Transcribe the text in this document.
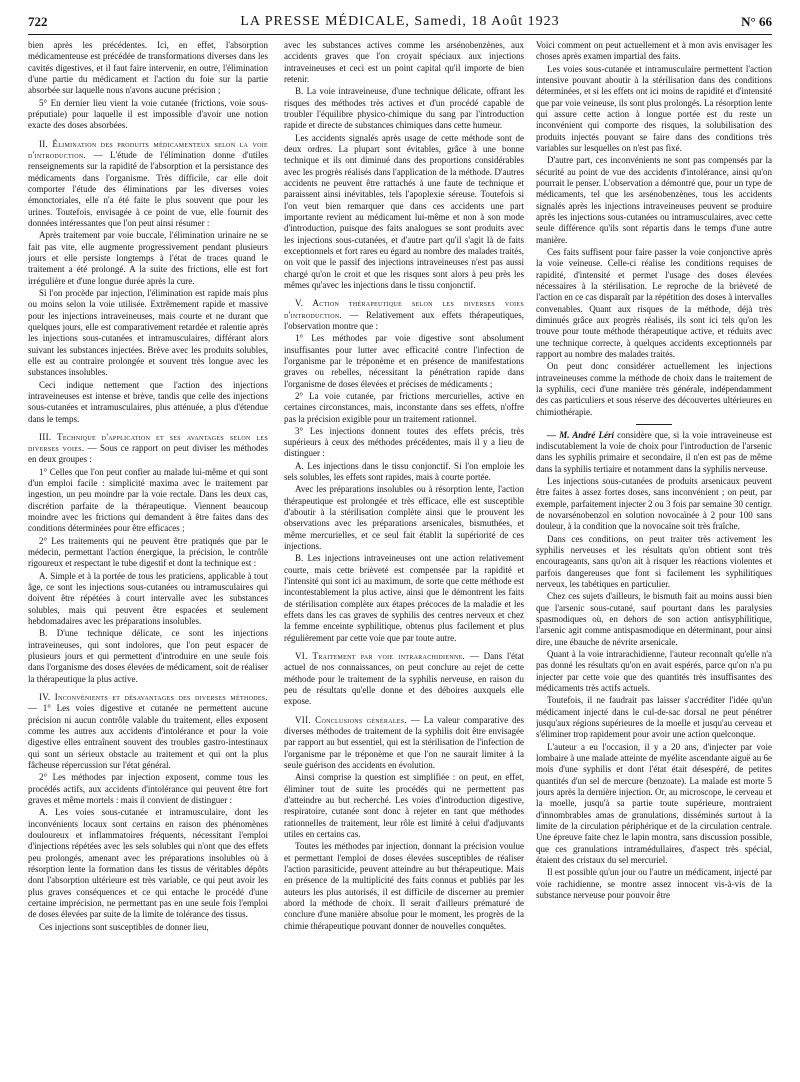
722	LA PRESSE MÉDICALE, Samedi, 18 Août 1923	N° 66

bien après les précédentes. Ici, en effet, l'absorption médicamenteuse est précédée de transformations diverses dans les cavités digestives, et il faut faire intervenir, en outre, l'élimination d'une partie du médicament et l'action du foie sur la partie absorbée sur laquelle nous n'avons aucune précision ;

5° En dernier lieu vient la voie cutanée (frictions, voie sous-préputiale) pour laquelle il est impossible d'avoir une notion exacte des doses absorbées.

II. Élimination des produits médicamenteux selon la voie d'introduction. — L'étude de l'élimination donne d'utiles renseignements sur la rapidité de l'absorption et la persistance des médicaments dans l'organisme. Très difficile, car elle doit comporter l'étude des éliminations par les diverses voies émonctoriales, elle n'a été faite le plus souvent que pour les urines. Toutefois, envisagée à ce point de vue, elle fournit des données intéressantes que l'on peut ainsi résumer :

Après traitement par voie buccale, l'élimination urinaire ne se fait pas vite, elle augmente progressivement pendant plusieurs jours et elle persiste longtemps à l'état de traces quand le traitement a été prolongé. A la suite des frictions, elle est fort irrégulière et d'une longue durée après la cure.

Si l'on procède par injection, l'élimination est rapide mais plus ou moins selon la voie utilisée. Extrêmement rapide et massive pour les injections intraveineuses, mais courte et ne durant que quelques jours, elle est comparativement retardée et ralentie après les injections sous-cutanées et intramusculaires, différant alors suivant les substances injectées. Brève avec les produits solubles, elle est au contraire prolongée et souvent très longue avec les substances insolubles.

Ceci indique nettement que l'action des injections intraveineuses est intense et brève, tandis que celle des injections sous-cutanées et intramusculaires, plus atténuée, a plus d'étendue dans le temps.

III. Technique d'application et ses avantages selon les diverses voies. — Sous ce rapport on peut diviser les méthodes en deux groupes :

1° Celles que l'on peut confier au malade lui-même et qui sont d'un emploi facile : simplicité maxima avec le traitement par ingestion, un peu moindre par la voie rectale. Dans les deux cas, discrétion parfaite de la thérapeutique. Viennent beaucoup moindre avec les frictions qui demandent à être faites dans des conditions déterminées pour être efficaces ;

2° Les traitements qui ne peuvent être pratiqués que par le médecin, permettant l'action énergique, la précision, le contrôle rigoureux et respectant le tube digestif et dont la technique est :

A. Simple et à la portée de tous les praticiens, applicable à tout âge, ce sont les injections sous-cutanées ou intramusculaires qui doivent être répétées à court intervalle avec les substances solubles, mais qui peuvent être espacées et seulement hebdomadaires avec les préparations insolubles.

B. D'une technique délicate, ce sont les injections intraveineuses, qui sont indolores, que l'on peut espacer de plusieurs jours et qui permettent d'introduire en une seule fois dans l'organisme des doses élevées de médicament, soit de réaliser la thérapeutique la plus active.

IV. Inconvénients et désavantages des diverses méthodes. — 1° Les voies digestive et cutanée ne permettent aucune précision ni aucun contrôle valable du traitement, elles exposent comme les autres aux accidents d'intolérance et pour la voie digestive elles entraînent souvent des troubles gastro-intestinaux qui sont un sérieux obstacle au traitement et qui ont la plus fâcheuse répercussion sur l'état général.

2° Les méthodes par injection exposent, comme tous les procédés actifs, aux accidents d'intolérance qui peuvent être fort graves et même mortels : mais il convient de distinguer :

A. Les voies sous-cutanée et intramusculaire, dont les inconvénients locaux sont certains en raison des phénomènes douloureux et inflammatoires fréquents, nécessitant l'emploi d'injections répétées avec les sels solubles qui n'ont que des effets peu prolongés, amenant avec les préparations insolubles où à résorption lente la formation dans les tissus de véritables dépôts dont l'absorption ultérieure est très variable, ce qui peut avoir les plus graves conséquences et ce qui entache le procédé d'une certaine imprécision, ne permettant pas en une seule fois l'emploi de doses élevées par suite de la limite de tolérance des tissus.

Ces injections sont susceptibles de donner lieu,

avec les substances actives comme les arsénobenzènes, aux accidents graves que l'on croyait spéciaux aux injections intraveineuses et ceci est un point capital qu'il importe de bien retenir.

B. La voie intraveineuse, d'une technique délicate, offrant les risques des méthodes très actives et d'un procédé capable de troubler l'équilibre physico-chimique du sang par l'introduction rapide et directe de substances chimiques dans cette humeur.

Les accidents signalés après usage de cette méthode sont de deux ordres. La plupart sont évitables, grâce à une bonne technique et ils ont diminué dans des proportions considérables avec les progrès réalisés dans l'application de la méthode. D'autres accidents ne peuvent être rattachés à une faute de technique et paraissent ainsi inévitables, tels l'apoplexie séreuse. Toutefois si l'on veut bien remarquer que dans ces accidents une part importante revient au médicament lui-même et non à son mode d'introduction, puisque des faits analogues se sont produits avec les injections sous-cutanées, et d'autre part qu'il s'agit là de faits exceptionnels et fort rares eu égard au nombre des malades traités, on voit que le passif des injections intraveineuses n'est pas aussi chargé qu'on le croit et que les risques sont alors à peu près les mêmes qu'avec les injections dans le tissu conjonctif.

V. Action thérapeutique selon les diverses voies d'introduction. — Relativement aux effets thérapeutiques, l'observation montre que :

1° Les méthodes par voie digestive sont absolument insuffisantes pour lutter avec efficacité contre l'infection de l'organisme par le tréponème et en présence de manifestations graves ou rebelles, nécessitant la pénétration rapide dans l'organisme de doses élevées et précises de médicaments ;

2° La voie cutanée, par frictions mercurielles, active en certaines circonstances, mais, inconstante dans ses effets, n'offre pas la précision exigible pour un traitement rationnel.

3° Les injections donnent toutes des effets précis, très supérieurs à ceux des méthodes précédentes, mais il y a lieu de distinguer :

A. Les injections dans le tissu conjonctif. Si l'on emploie les sels solubles, les effets sont rapides, mais à courte portée.

Avec les préparations insolubles ou à résorption lente, l'action thérapeutique est prolongée et très efficace, elle est susceptible d'aboutir à la stérilisation complète ainsi que le prouvent les observations avec les préparations arsenicales, bismuthées, et même mercurielles, et ce seul fait établit la supériorité de ces injections.

B. Les injections intraveineuses ont une action relativement courte, mais cette brièveté est compensée par la rapidité et l'intensité qui sont ici au maximum, de sorte que cette méthode est incontestablement la plus active, ainsi que le démontrent les faits de stérilisation complète aux étapes précoces de la maladie et les effets dans les cas graves de syphilis des centres nerveux et chez la femme enceinte syphilitique, obtenus plus facilement et plus régulièrement par cette voie que par toute autre.

VI. Traitement par voie intrarachidienne. — Dans l'état actuel de nos connaissances, on peut conclure au rejet de cette méthode pour le traitement de la syphilis nerveuse, en raison du peu de résultats qu'elle donne et des déboires auxquels elle expose.

VII. Conclusions générales. — La valeur comparative des diverses méthodes de traitement de la syphilis doit être envisagée par rapport au but essentiel, qui est la stérilisation de l'infection de l'organisme par le tréponème et que l'on ne saurait limiter à la seule guérison des accidents en évolution.

Ainsi comprise la question est simplifiée : on peut, en effet, éliminer tout de suite les procédés qui ne permettent pas d'atteindre au but recherché. Les voies d'introduction digestive, respiratoire, cutanée sont donc à rejeter en tant que méthodes rationnelles de traitement, leur rôle est limité à celui d'adjuvants utiles en certains cas.

Toutes les méthodes par injection, donnant la précision voulue et permettant l'emploi de doses élevées susceptibles de réaliser l'action parasiticide, peuvent atteindre au but thérapeutique. Mais en présence de la multiplicité des faits connus et publiés par les auteurs les plus autorisés, il est difficile de discerner au premier abord la méthode de choix. Il serait d'ailleurs prématuré de conclure d'une manière absolue pour le moment, les progrès de la chimie thérapeutique pouvant donner de nouvelles conquêtes.

Voici comment on peut actuellement et à mon avis envisager les choses après examen impartial des faits.

Les voies sous-cutanée et intramusculaire permettent l'action intensive pouvant aboutir à la stérilisation dans des conditions déterminées, et si les effets ont ici moins de rapidité et d'intensité que par voie veineuse, ils sont plus prolongés. La résorption lente qui assure cette action à longue portée est du reste un inconvénient qui comporte des risques, la solubilisation des produits injectés pouvant se faire dans des conditions très variables sur lesquelles on n'est pas fixé.

D'autre part, ces inconvénients ne sont pas compensés par la sécurité au point de vue des accidents d'intolérance, ainsi qu'on pourrait le penser. L'observation a démontré que, pour un type de médicaments, tel que les arsénobenzènes, tous les accidents signalés après les injections intraveineuses peuvent se produire après les injections sous-cutanées ou intramusculaires, avec cette seule différence qu'ils sont répartis dans le temps d'une autre manière.

Ces faits suffisent pour faire passer la voie conjonctive après la voie veineuse. Celle-ci réalise les conditions requises de rapidité, d'intensité et permet l'usage des doses élevées nécessaires à la stérilisation. Le reproche de la brièveté de l'action en ce cas disparaît par la répétition des doses à intervalles convenables. Quant aux risques de la méthode, déjà très diminués grâce aux progrès réalisés, ils sont ici tels qu'on les trouve pour toute méthode thérapeutique active, et réduits avec une technique correcte, à quelques accidents exceptionnels par rapport au nombre des malades traités.

On peut donc considérer actuellement les injections intraveineuses comme la méthode de choix dans le traitement de la syphilis, ceci d'une manière très générale, indépendamment des cas particuliers et sous réserve des découvertes ultérieures en chimiothérapie.

— M. André Léri considère que, si la voie intraveineuse est indiscutablement la voie de choix pour l'introduction de l'arsenic dans les syphilis primaire et secondaire, il n'en est pas de même dans la syphilis tertiaire et notamment dans la syphilis nerveuse.

Les injections sous-cutanées de produits arsenicaux peuvent être faites à assez fortes doses, sans inconvénient ; on peut, par exemple, parfaitement injecter 2 ou 3 fois par semaine 30 centigr. de novarsénobenzol en solution novocaïnée à 2 pour 100 sans douleur, à la condition que la novocaïne soit très fraîche.

Dans ces conditions, on peut traiter très activement les syphilis nerveuses et les résultats qu'on obtient sont très encourageants, sans qu'on ait à risquer les réactions violentes et parfois dangereuses que font si facilement les syphilitiques nerveux, les tabétiques en particulier.

Chez ces sujets d'ailleurs, le bismuth fait au moins aussi bien que l'arsenic sous-cutané, sauf pourtant dans les paralysies spasmodiques où, en dehors de son action antisyphilitique, l'arsenic agit comme antispasmodique en déterminant, pour ainsi dire, une ébauche de névrite arsenicale.

Quant à la voie intrarachidienne, l'auteur reconnaît qu'elle n'a pas donné les résultats qu'on en avait espérés, parce qu'on n'a pu injecter par cette voie que des quantités très insuffisantes des médicaments très actifs actuels.

Toutefois, il ne faudrait pas laisser s'accréditer l'idée qu'un médicament injecté dans le cul-de-sac dorsal ne peut pénétrer jusqu'aux régions supérieures de la moelle et jusqu'au cerveau et s'éliminer trop rapidement pour avoir une action quelconque.

L'auteur a eu l'occasion, il y a 20 ans, d'injecter par voie lombaire à une malade atteinte de myélite ascendante aiguë au 6e mois d'une syphilis et dont l'état était désespéré, de petites quantités d'un sel de mercure (benzoate). La malade est morte 5 jours après la dernière injection. Or, au microscope, le cerveau et la moelle, jusqu'à sa partie toute supérieure, montraient d'innombrables amas de granulations, disséminés surtout à la limite de la circulation périphérique et de la circulation centrale. Une épreuve faite chez le lapin montra, sans discussion possible, que ces granulations intramédullaires, d'aspect très spécial, étaient des cristaux du sel mercuriel.

Il est possible qu'un jour ou l'autre un médicament, injecté par voie rachidienne, se montre assez innocent vis-à-vis de la substance nerveuse pour pouvoir être
